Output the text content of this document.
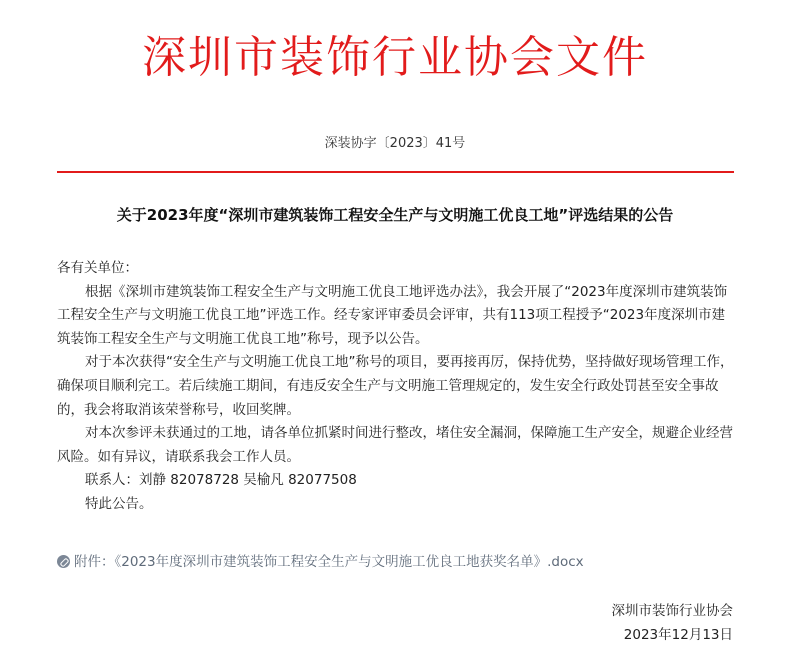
深圳市装饰行业协会文件
深装协字〔2023〕41号
关于2023年度“深圳市建筑装饰工程安全生产与文明施工优良工地”评选结果的公告

各有关单位：

根据《深圳市建筑装饰工程安全生产与文明施工优良工地评选办法》，我会开展了“2023年度深圳市建筑装饰工程安全生产与文明施工优良工地”评选工作。经专家评审委员会评审，共有113项工程授予“2023年度深圳市建筑装饰工程安全生产与文明施工优良工地”称号，现予以公告。

对于本次获得“安全生产与文明施工优良工地”称号的项目，要再接再厉，保持优势，坚持做好现场管理工作，确保项目顺利完工。若后续施工期间，有违反安全生产与文明施工管理规定的，发生安全行政处罚甚至安全事故的，我会将取消该荣誉称号，收回奖牌。

对本次参评未获通过的工地，请各单位抓紧时间进行整改，堵住安全漏洞，保障施工生产安全，规避企业经营风险。如有异议，请联系我会工作人员。

联系人：刘静 82078728 吴榆凡 82077508

特此公告。

附件：《2023年度深圳市建筑装饰工程安全生产与文明施工优良工地获奖名单》.docx
深圳市装饰行业协会
2023年12月13日
